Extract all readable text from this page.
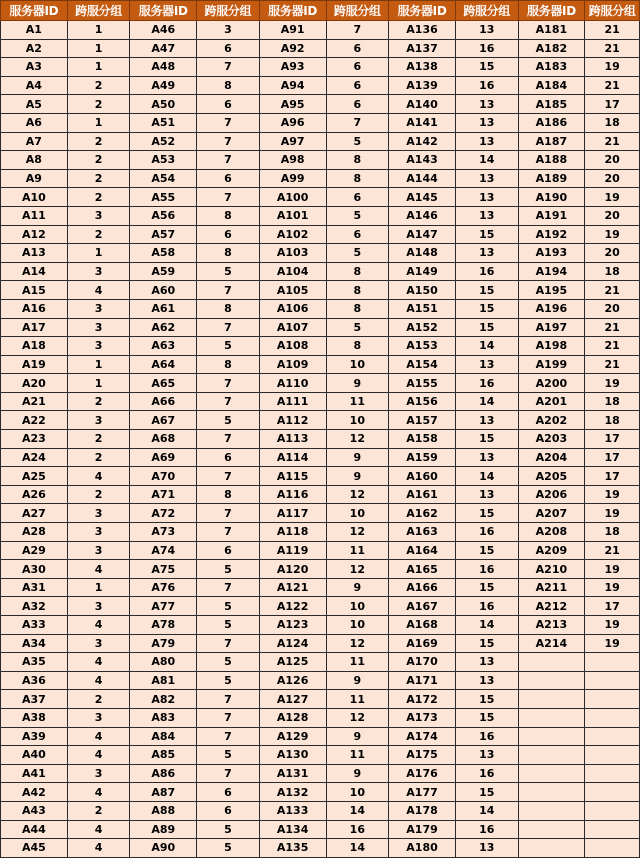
服务器ID	跨服分组	服务器ID	跨服分组	服务器ID	跨服分组	服务器ID	跨服分组	服务器ID	跨服分组
A1	1	A46	3	A91	7	A136	13	A181	21
A2	1	A47	6	A92	6	A137	16	A182	21
A3	1	A48	7	A93	6	A138	15	A183	19
A4	2	A49	8	A94	6	A139	16	A184	21
A5	2	A50	6	A95	6	A140	13	A185	17
A6	1	A51	7	A96	7	A141	13	A186	18
A7	2	A52	7	A97	5	A142	13	A187	21
A8	2	A53	7	A98	8	A143	14	A188	20
A9	2	A54	6	A99	8	A144	13	A189	20
A10	2	A55	7	A100	6	A145	13	A190	19
A11	3	A56	8	A101	5	A146	13	A191	20
A12	2	A57	6	A102	6	A147	15	A192	19
A13	1	A58	8	A103	5	A148	13	A193	20
A14	3	A59	5	A104	8	A149	16	A194	18
A15	4	A60	7	A105	8	A150	15	A195	21
A16	3	A61	8	A106	8	A151	15	A196	20
A17	3	A62	7	A107	5	A152	15	A197	21
A18	3	A63	5	A108	8	A153	14	A198	21
A19	1	A64	8	A109	10	A154	13	A199	21
A20	1	A65	7	A110	9	A155	16	A200	19
A21	2	A66	7	A111	11	A156	14	A201	18
A22	3	A67	5	A112	10	A157	13	A202	18
A23	2	A68	7	A113	12	A158	15	A203	17
A24	2	A69	6	A114	9	A159	13	A204	17
A25	4	A70	7	A115	9	A160	14	A205	17
A26	2	A71	8	A116	12	A161	13	A206	19
A27	3	A72	7	A117	10	A162	15	A207	19
A28	3	A73	7	A118	12	A163	16	A208	18
A29	3	A74	6	A119	11	A164	15	A209	21
A30	4	A75	5	A120	12	A165	16	A210	19
A31	1	A76	7	A121	9	A166	15	A211	19
A32	3	A77	5	A122	10	A167	16	A212	17
A33	4	A78	5	A123	10	A168	14	A213	19
A34	3	A79	7	A124	12	A169	15	A214	19
A35	4	A80	5	A125	11	A170	13		
A36	4	A81	5	A126	9	A171	13		
A37	2	A82	7	A127	11	A172	15		
A38	3	A83	7	A128	12	A173	15		
A39	4	A84	7	A129	9	A174	16		
A40	4	A85	5	A130	11	A175	13		
A41	3	A86	7	A131	9	A176	16		
A42	4	A87	6	A132	10	A177	15		
A43	2	A88	6	A133	14	A178	14		
A44	4	A89	5	A134	16	A179	16		
A45	4	A90	5	A135	14	A180	13		
